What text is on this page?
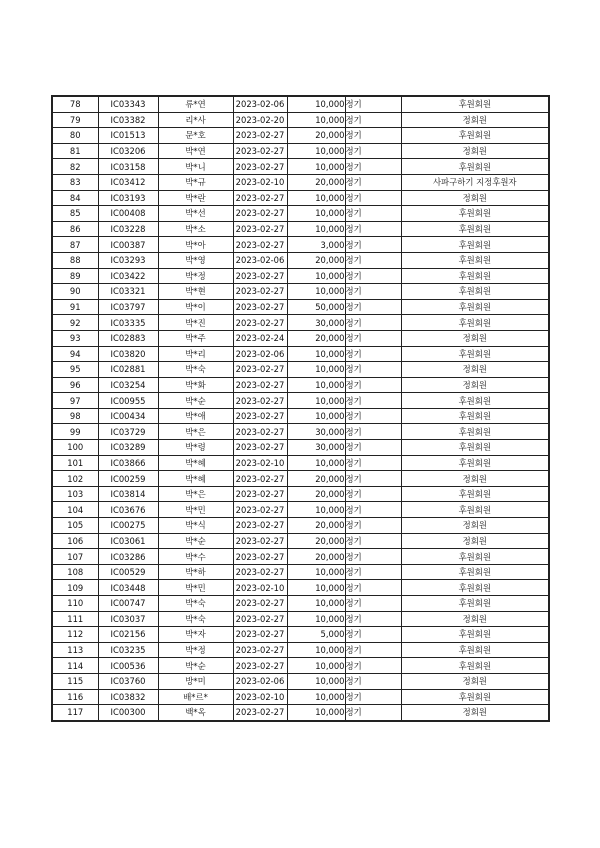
78	IC03343	류*연	2023-02-06	10,000	정기	후원회원
79	IC03382	리*사	2023-02-20	10,000	정기	정회원
80	IC01513	문*호	2023-02-27	20,000	정기	후원회원
81	IC03206	박*연	2023-02-27	10,000	정기	정회원
82	IC03158	박*니	2023-02-27	10,000	정기	후원회원
83	IC03412	박*규	2023-02-10	20,000	정기	사파구하기 지정후원자
84	IC03193	박*란	2023-02-27	10,000	정기	정회원
85	IC00408	박*선	2023-02-27	10,000	정기	후원회원
86	IC03228	박*소	2023-02-27	10,000	정기	후원회원
87	IC00387	박*아	2023-02-27	3,000	정기	후원회원
88	IC03293	박*영	2023-02-06	20,000	정기	후원회원
89	IC03422	박*정	2023-02-27	10,000	정기	후원회원
90	IC03321	박*현	2023-02-27	10,000	정기	후원회원
91	IC03797	박*이	2023-02-27	50,000	정기	후원회원
92	IC03335	박*진	2023-02-27	30,000	정기	후원회원
93	IC02883	박*주	2023-02-24	20,000	정기	정회원
94	IC03820	박*리	2023-02-06	10,000	정기	후원회원
95	IC02881	박*숙	2023-02-27	10,000	정기	정회원
96	IC03254	박*화	2023-02-27	10,000	정기	정회원
97	IC00955	박*순	2023-02-27	10,000	정기	후원회원
98	IC00434	박*애	2023-02-27	10,000	정기	후원회원
99	IC03729	박*은	2023-02-27	30,000	정기	후원회원
100	IC03289	박*령	2023-02-27	30,000	정기	후원회원
101	IC03866	박*혜	2023-02-10	10,000	정기	후원회원
102	IC00259	박*혜	2023-02-27	20,000	정기	정회원
103	IC03814	박*은	2023-02-27	20,000	정기	후원회원
104	IC03676	박*민	2023-02-27	10,000	정기	후원회원
105	IC00275	박*식	2023-02-27	20,000	정기	정회원
106	IC03061	박*순	2023-02-27	20,000	정기	정회원
107	IC03286	박*수	2023-02-27	20,000	정기	후원회원
108	IC00529	박*하	2023-02-27	10,000	정기	후원회원
109	IC03448	박*민	2023-02-10	10,000	정기	후원회원
110	IC00747	박*숙	2023-02-27	10,000	정기	후원회원
111	IC03037	박*숙	2023-02-27	10,000	정기	정회원
112	IC02156	박*자	2023-02-27	5,000	정기	후원회원
113	IC03235	박*정	2023-02-27	10,000	정기	후원회원
114	IC00536	박*순	2023-02-27	10,000	정기	후원회원
115	IC03760	방*미	2023-02-06	10,000	정기	정회원
116	IC03832	배*르*	2023-02-10	10,000	정기	후원회원
117	IC00300	백*옥	2023-02-27	10,000	정기	정회원
